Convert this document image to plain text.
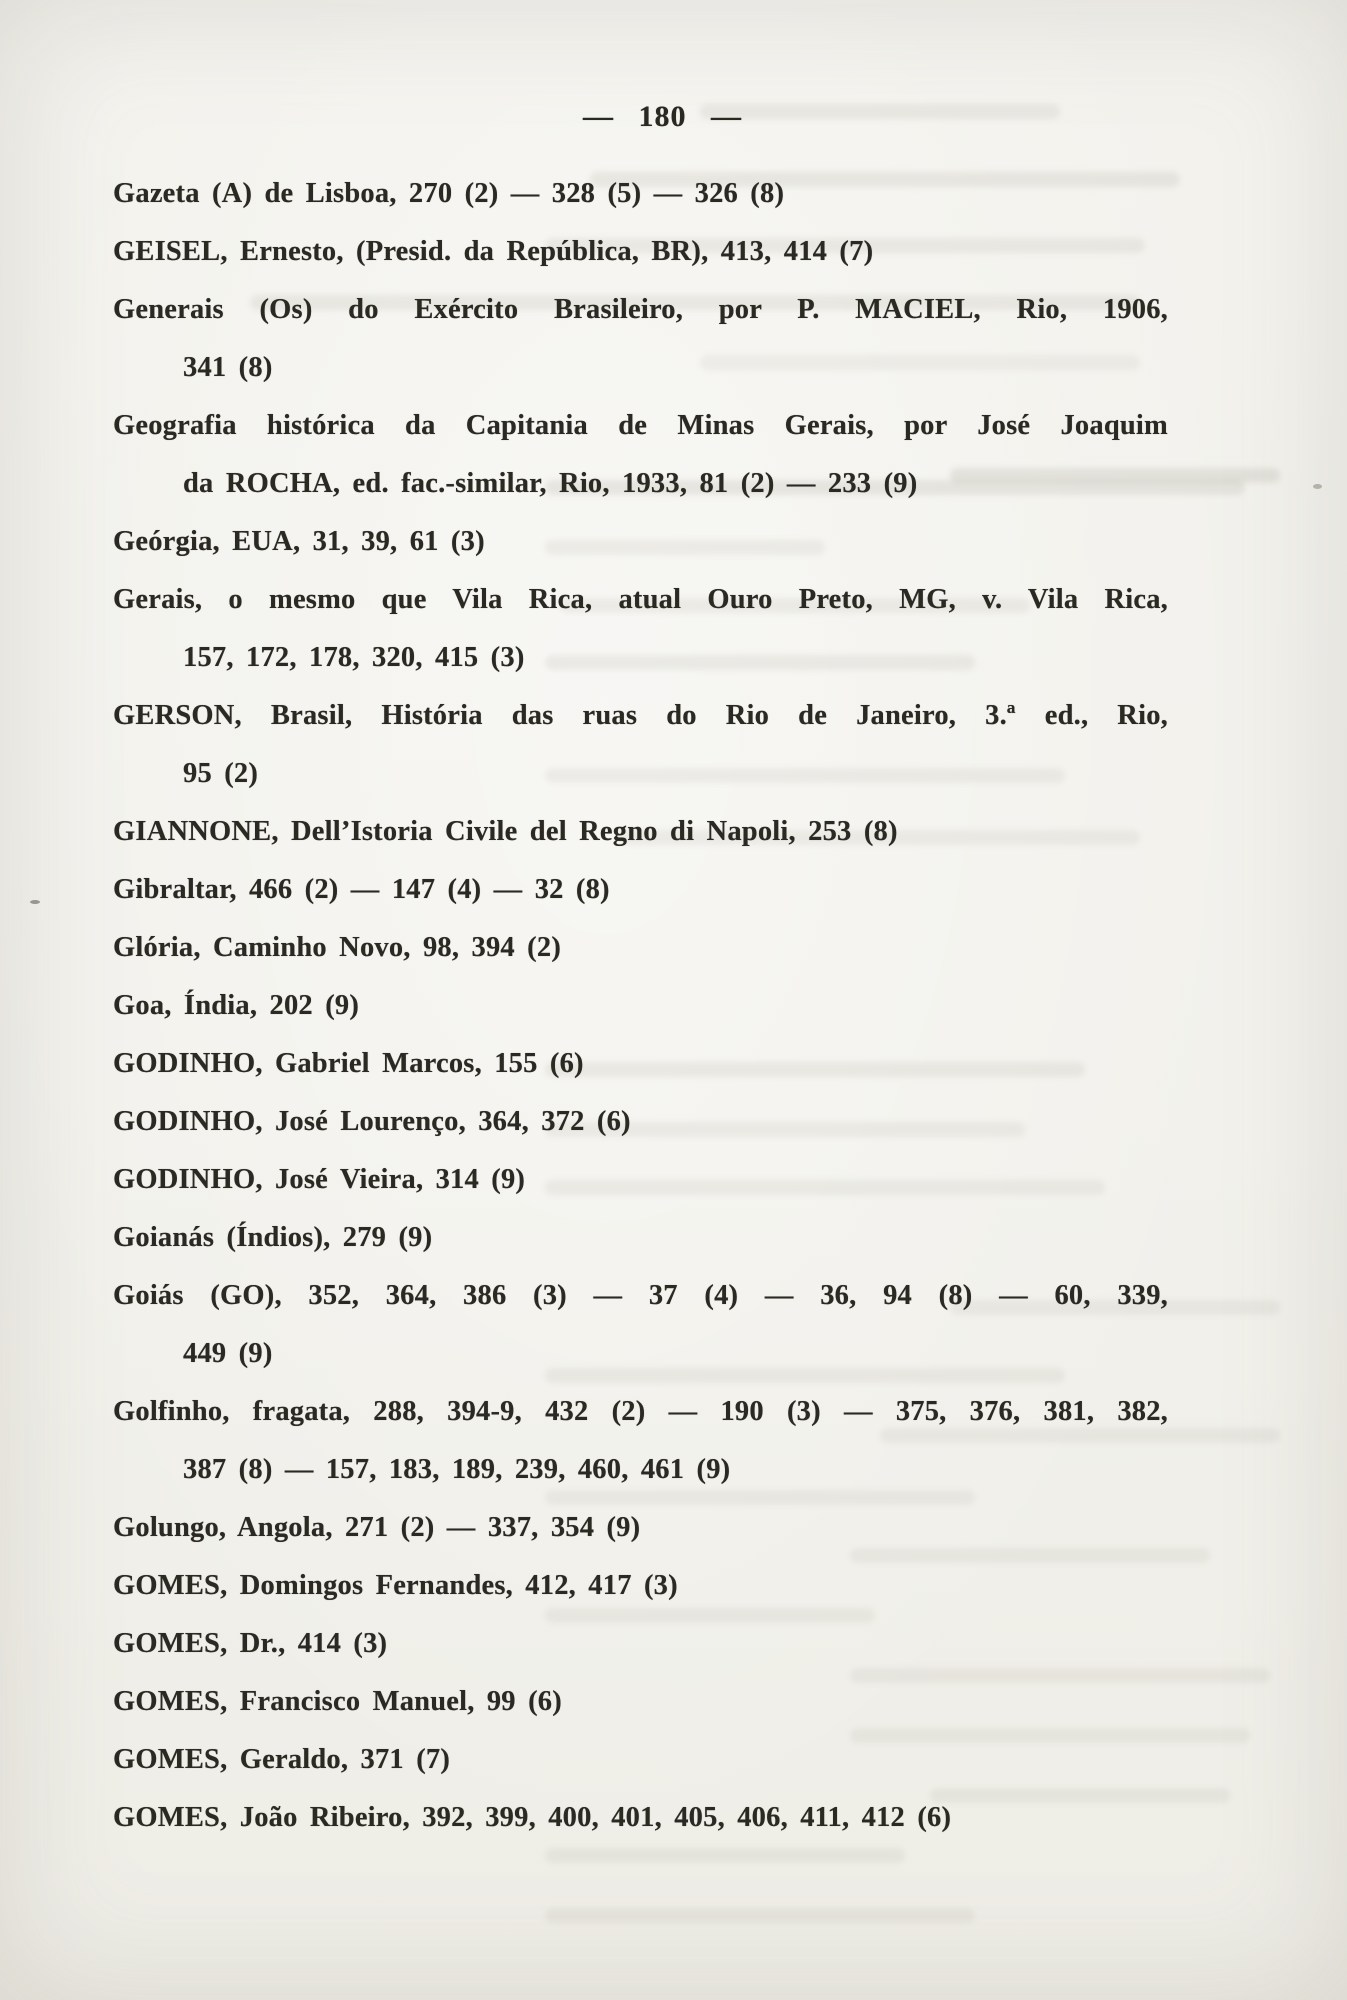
— 180 —

Gazeta (A) de Lisboa, 270 (2) — 328 (5) — 326 (8)

GEISEL, Ernesto, (Presid. da República, BR), 413, 414 (7)

Generais (Os) do Exército Brasileiro, por P. MACIEL, Rio, 1906,
341 (8)

Geografia histórica da Capitania de Minas Gerais, por José Joaquim
da ROCHA, ed. fac.-similar, Rio, 1933, 81 (2) — 233 (9)

Geórgia, EUA, 31, 39, 61 (3)

Gerais, o mesmo que Vila Rica, atual Ouro Preto, MG, v. Vila Rica,
157, 172, 178, 320, 415 (3)

GERSON, Brasil, História das ruas do Rio de Janeiro, 3.ª ed., Rio,
95 (2)

GIANNONE, Dell’Istoria Civile del Regno di Napoli, 253 (8)

Gibraltar, 466 (2) — 147 (4) — 32 (8)

Glória, Caminho Novo, 98, 394 (2)

Goa, Índia, 202 (9)

GODINHO, Gabriel Marcos, 155 (6)

GODINHO, José Lourenço, 364, 372 (6)

GODINHO, José Vieira, 314 (9)

Goianás (Índios), 279 (9)

Goiás (GO), 352, 364, 386 (3) — 37 (4) — 36, 94 (8) — 60, 339,
449 (9)

Golfinho, fragata, 288, 394-9, 432 (2) — 190 (3) — 375, 376, 381, 382,
387 (8) — 157, 183, 189, 239, 460, 461 (9)

Golungo, Angola, 271 (2) — 337, 354 (9)

GOMES, Domingos Fernandes, 412, 417 (3)

GOMES, Dr., 414 (3)

GOMES, Francisco Manuel, 99 (6)

GOMES, Geraldo, 371 (7)

GOMES, João Ribeiro, 392, 399, 400, 401, 405, 406, 411, 412 (6)
